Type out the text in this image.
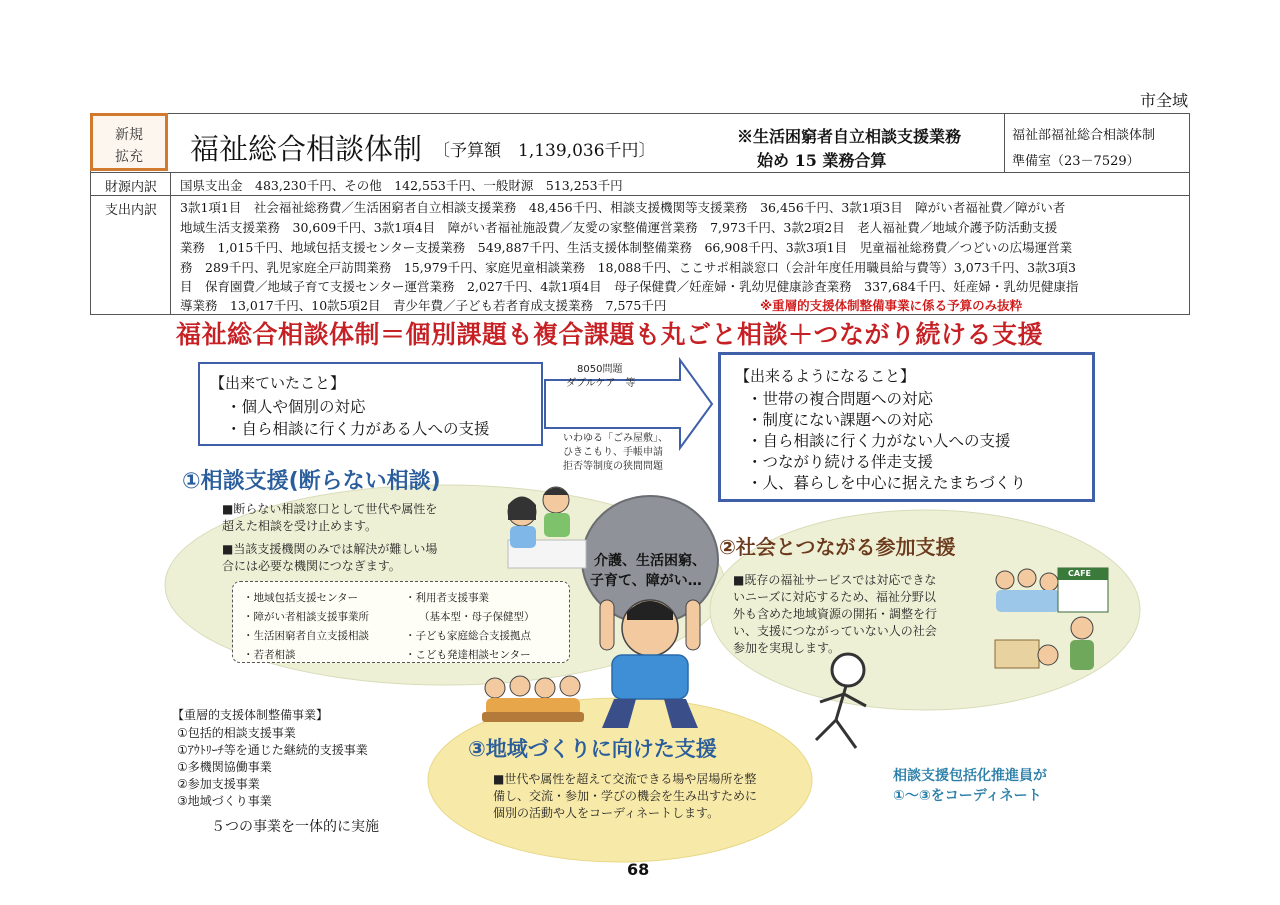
市全域
新規
拡充	福祉総合相談体制 〔予算額　1,139,036千円〕
※生活困窮者自立相談支援業務
始め 15 業務合算
福祉部福祉総合相談体制
準備室（23－7529）
財源内訳	国県支出金　483,230千円、その他　142,553千円、一般財源　513,253千円
支出内訳	3款1項1目　社会福祉総務費／生活困窮者自立相談支援業務　48,456千円、相談支援機関等支援業務　36,456千円、3款1項3目　障がい者福祉費／障がい者
地域生活支援業務　30,609千円、3款1項4目　障がい者福祉施設費／友愛の家整備運営業務　7,973千円、3款2項2目　老人福祉費／地域介護予防活動支援
業務　1,015千円、地域包括支援センター支援業務　549,887千円、生活支援体制整備業務　66,908千円、3款3項1目　児童福祉総務費／つどいの広場運営業
務　289千円、乳児家庭全戸訪問業務　15,979千円、家庭児童相談業務　18,088千円、ここサポ相談窓口（会計年度任用職員給与費等）3,073千円、3款3項3
目　保育園費／地域子育て支援センター運営業務　2,027千円、4款1項4目　母子保健費／妊産婦・乳幼児健康診査業務　337,684千円、妊産婦・乳幼児健康指
導業務　13,017千円、10款5項2目　青少年費／子ども若者育成支援業務　7,575千円	※重層的支援体制整備事業に係る予算のみ抜粋
福祉総合相談体制＝個別課題も複合課題も丸ごと相談＋つながり続ける支援
【出来ていたこと】
・個人や個別の対応
・自ら相談に行く力がある人への支援
8050問題
ダブルケア　等
いわゆる「ごみ屋敷」、
ひきこもり、手帳申請
拒否等制度の狭間問題
【出来るようになること】
・世帯の複合問題への対応
・制度にない課題への対応
・自ら相談に行く力がない人への支援
・つながり続ける伴走支援
・人、暮らしを中心に据えたまちづくり
①相談支援(断らない相談)
■断らない相談窓口として世代や属性を
超えた相談を受け止めます。
■当該支援機関のみでは解決が難しい場
合には必要な機関につなぎます。
・地域包括支援センター
・障がい者相談支援事業所
・生活困窮者自立支援相談
・若者相談
・利用者支援事業
（基本型・母子保健型）
・子ども家庭総合支援拠点
・こども発達相談センター
介護、生活困窮、
子育て、障がい…
②社会とつながる参加支援
■既存の福祉サービスでは対応できな
いニーズに対応するため、福祉分野以
外も含めた地域資源の開拓・調整を行
い、支援につながっていない人の社会
参加を実現します。
CAFE
③地域づくりに向けた支援
■世代や属性を超えて交流できる場や居場所を整
備し、交流・参加・学びの機会を生み出すために
個別の活動や人をコーディネートします。
【重層的支援体制整備事業】
①包括的相談支援事業
①ｱｳﾄﾘｰﾁ等を通じた継続的支援事業
①多機関協働事業
②参加支援事業
③地域づくり事業
５つの事業を一体的に実施
相談支援包括化推進員が
①～③をコーディネート
68
